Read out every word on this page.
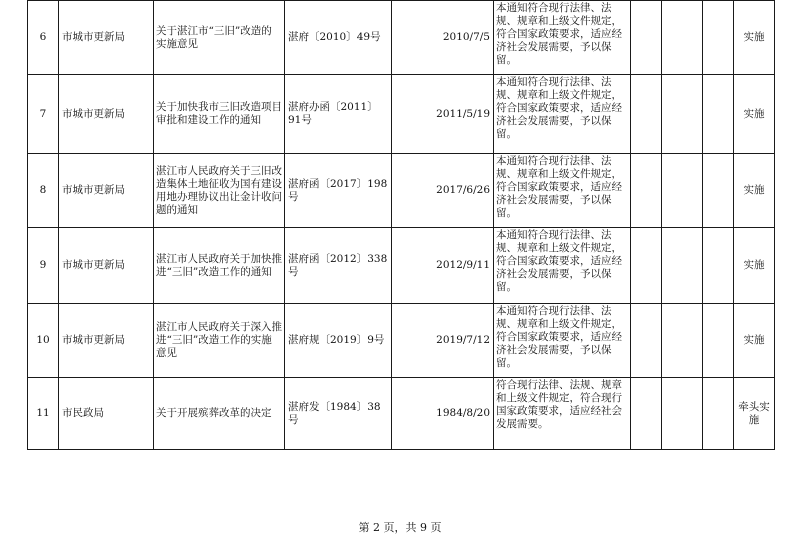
6	市城市更新局	关于湛江市“三旧”改造的实施意见	湛府〔2010〕49号	2010/7/5	本通知符合现行法律、法规、规章和上级文件规定，符合国家政策要求，适应经济社会发展需要，予以保留。				实施
7	市城市更新局	关于加快我市三旧改造项目审批和建设工作的通知	湛府办函〔2011〕91号	2011/5/19	本通知符合现行法律、法规、规章和上级文件规定，符合国家政策要求，适应经济社会发展需要，予以保留。				实施
8	市城市更新局	湛江市人民政府关于三旧改造集体土地征收为国有建设用地办理协议出让金计收问题的通知	湛府函〔2017〕198号	2017/6/26	本通知符合现行法律、法规、规章和上级文件规定，符合国家政策要求，适应经济社会发展需要，予以保留。				实施
9	市城市更新局	湛江市人民政府关于加快推进“三旧”改造工作的通知	湛府函〔2012〕338号	2012/9/11	本通知符合现行法律、法规、规章和上级文件规定，符合国家政策要求，适应经济社会发展需要，予以保留。				实施
10	市城市更新局	湛江市人民政府关于深入推进“三旧”改造工作的实施意见	湛府规〔2019〕9号	2019/7/12	本通知符合现行法律、法规、规章和上级文件规定，符合国家政策要求，适应经济社会发展需要，予以保留。				实施
11	市民政局	关于开展殡葬改革的决定	湛府发〔1984〕38号	1984/8/20	符合现行法律、法规、规章和上级文件规定，符合现行国家政策要求，适应经社会发展需要。				牵头实施
第 2 页，共 9 页
